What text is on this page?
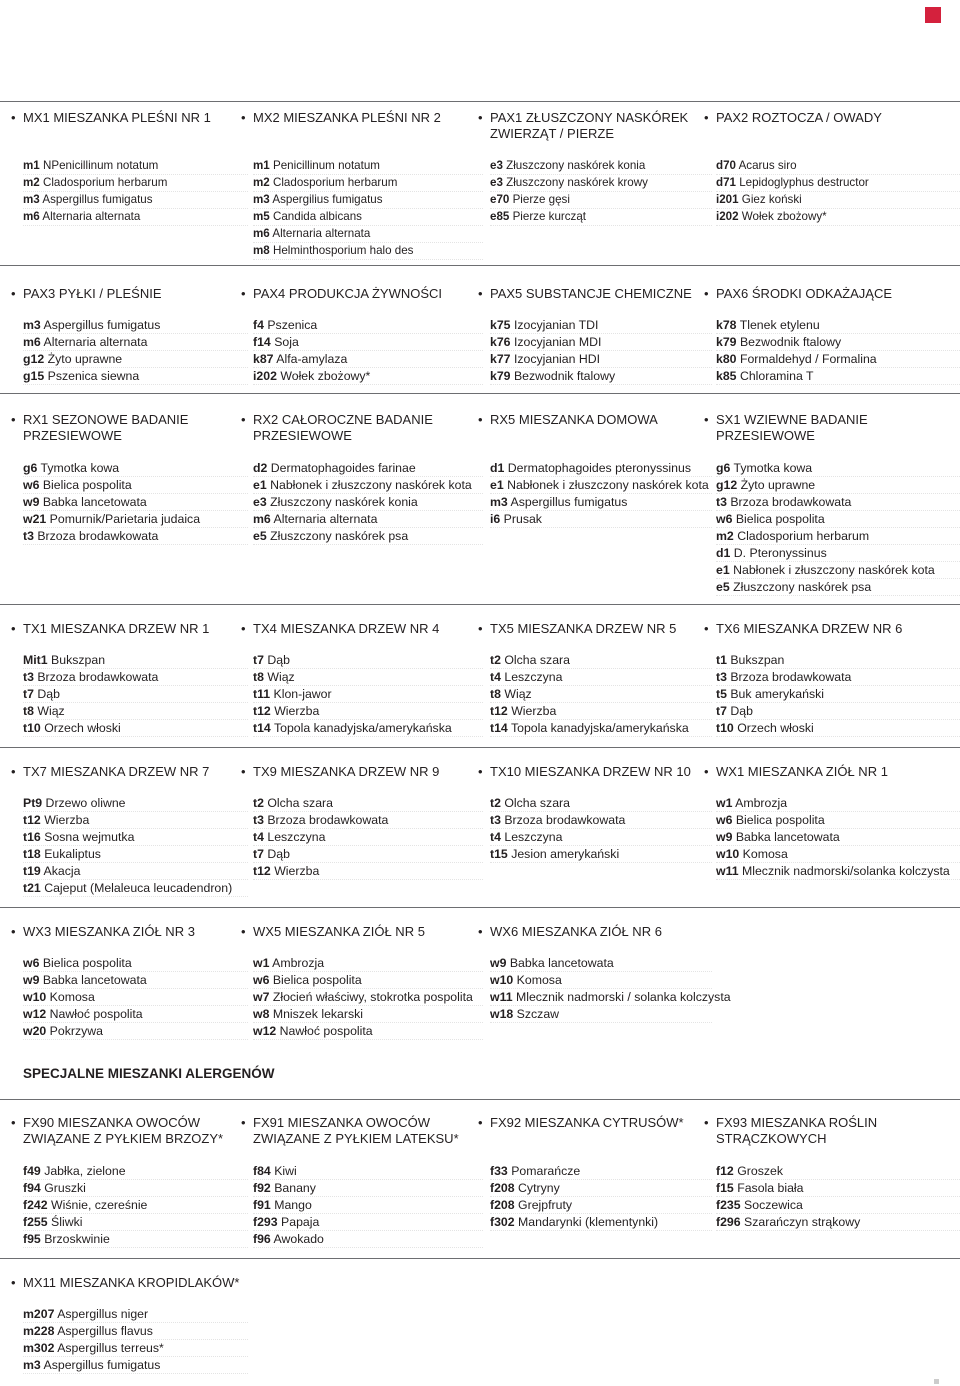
SPECJALNE MIESZANKI ALERGENÓW
• MX1 MIESZANKA PLEŚNI NR 1
m1 NPenicillinum notatum
m2 Cladosporium herbarum
m3 Aspergillus fumigatus
m6 Alternaria alternata
• MX2 MIESZANKA PLEŚNI NR 2
m1 Penicillinum notatum
m2 Cladosporium herbarum
m3 Aspergilius fumigatus
m5 Candida albicans
m6 Alternaria alternata
m8 Helminthosporium halo des
• PAX1 ZŁUSZCZONY NASKÓREK ZWIERZĄT / PIERZE
e3 Złuszczony naskórek konia
e3 Złuszczony naskórek krowy
e70 Pierze gęsi
e85 Pierze kurcząt
• PAX2 ROZTOCZA / OWADY
d70 Acarus siro
d71 Lepidoglyphus destructor
i201 Giez koński
i202 Wołek zbożowy*
• PAX3 PYŁKI / PLEŚNIE
m3 Aspergillus fumigatus
m6 Alternaria alternata
g12 Żyto uprawne
g15 Pszenica siewna
• PAX4 PRODUKCJA ŻYWNOŚCI
f4 Pszenica
f14 Soja
k87 Alfa-amylaza
i202 Wołek zbożowy*
• PAX5 SUBSTANCJE CHEMICZNE
k75 Izocyjanian TDI
k76 Izocyjanian MDI
k77 Izocyjanian HDI
k79 Bezwodnik ftalowy
• PAX6 ŚRODKI ODKAŻAJĄCE
k78 Tlenek etylenu
k79 Bezwodnik ftalowy
k80 Formaldehyd / Formalina
k85 Chloramina T
• RX1 SEZONOWE BADANIE PRZESIEWOWE
g6 Tymotka kowa
w6 Bielica pospolita
w9 Babka lancetowata
w21 Pomurnik/Parietaria judaica
t3 Brzoza brodawkowata
• RX2 CAŁOROCZNE BADANIE PRZESIEWOWE
d2 Dermatophagoides farinae
e1 Nabłonek i złuszczony naskórek kota
e3 Złuszczony naskórek konia
m6 Alternaria alternata
e5 Złuszczony naskórek psa
• RX5 MIESZANKA DOMOWA
d1 Dermatophagoides pteronyssinus
e1 Nabłonek i złuszczony naskórek kota
m3 Aspergillus fumigatus
i6 Prusak
• SX1 WZIEWNE BADANIE PRZESIEWOWE
g6 Tymotka kowa
g12 Żyto uprawne
t3 Brzoza brodawkowata
w6 Bielica pospolita
m2 Cladosporium herbarum
d1 D. Pteronyssinus
e1 Nabłonek i złuszczony naskórek kota
e5 Złuszczony naskórek psa
• TX1 MIESZANKA DRZEW NR 1
Mit1 Bukszpan
t3 Brzoza brodawkowata
t7 Dąb
t8 Wiąz
t10 Orzech włoski
• TX4 MIESZANKA DRZEW NR 4
t7 Dąb
t8 Wiąz
t11 Klon-jawor
t12 Wierzba
t14 Topola kanadyjska/amerykańska
• TX5 MIESZANKA DRZEW NR 5
t2 Olcha szara
t4 Leszczyna
t8 Wiąz
t12 Wierzba
t14 Topola kanadyjska/amerykańska
• TX6 MIESZANKA DRZEW NR 6
t1 Bukszpan
t3 Brzoza brodawkowata
t5 Buk amerykański
t7 Dąb
t10 Orzech włoski
• TX7 MIESZANKA DRZEW NR 7
Pt9 Drzewo oliwne
t12 Wierzba
t16 Sosna wejmutka
t18 Eukaliptus
t19 Akacja
t21 Cajeput (Melaleuca leucadendron)
• TX9 MIESZANKA DRZEW NR 9
t2 Olcha szara
t3 Brzoza brodawkowata
t4 Leszczyna
t7 Dąb
t12 Wierzba
• TX10 MIESZANKA DRZEW NR 10
t2 Olcha szara
t3 Brzoza brodawkowata
t4 Leszczyna
t15 Jesion amerykański
• WX1 MIESZANKA ZIÓŁ NR 1
w1 Ambrozja
w6 Bielica pospolita
w9 Babka lancetowata
w10 Komosa
w11 Mlecznik nadmorski/solanka kolczysta
• WX3 MIESZANKA ZIÓŁ NR 3
w6 Bielica pospolita
w9 Babka lancetowata
w10 Komosa
w12 Nawłoć pospolita
w20 Pokrzywa
• WX5 MIESZANKA ZIÓŁ NR 5
w1 Ambrozja
w6 Bielica pospolita
w7 Złocień właściwy, stokrotka pospolita
w8 Mniszek lekarski
w12 Nawłoć pospolita
• WX6 MIESZANKA ZIÓŁ NR 6
w9 Babka lancetowata
w10 Komosa
w11 Mlecznik nadmorski / solanka kolczysta
w18 Szczaw
• FX90 MIESZANKA OWOCÓW ZWIĄZANE Z PYŁKIEM BRZOZY*
f49 Jabłka, zielone
f94 Gruszki
f242 Wiśnie, czereśnie
f255 Śliwki
f95 Brzoskwinie
• FX91 MIESZANKA OWOCÓW ZWIĄZANE Z PYŁKIEM LATEKSU*
f84 Kiwi
f92 Banany
f91 Mango
f293 Papaja
f96 Awokado
• FX92 MIESZANKA CYTRUSÓW*
f33 Pomarańcze
f208 Cytryny
f208 Grejpfruty
f302 Mandarynki (klementynki)
• FX93 MIESZANKA ROŚLIN STRĄCZKOWYCH
f12 Groszek
f15 Fasola biała
f235 Soczewica
f296 Szarańczyn strąkowy
• MX11 MIESZANKA KROPIDLAKÓW*
m207 Aspergillus niger
m228 Aspergillus flavus
m302 Aspergillus terreus*
m3 Aspergillus fumigatus
